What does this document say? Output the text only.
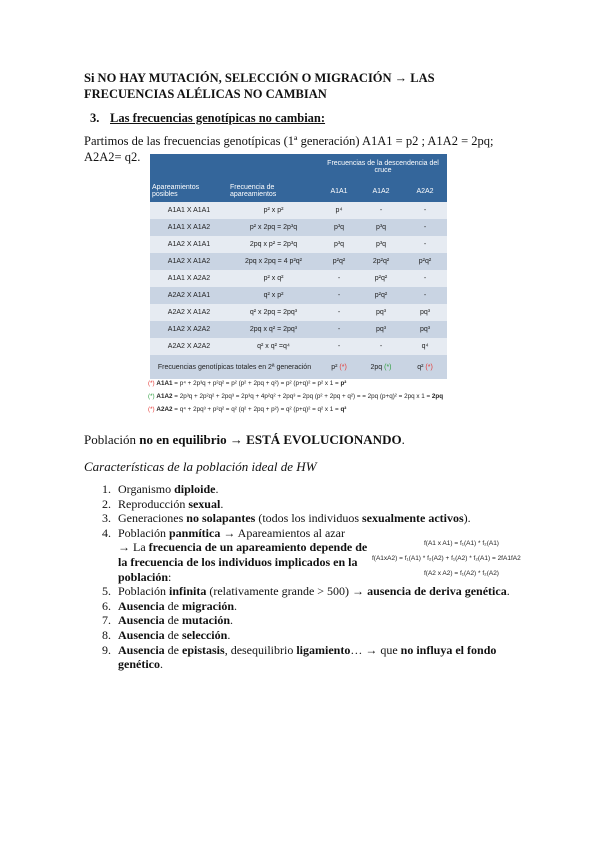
Si NO HAY MUTACIÓN, SELECCIÓN O MIGRACIÓN → LAS FRECUENCIAS ALÉLICAS NO CAMBIAN
3. Las frecuencias genotípicas no cambian:
Partimos de las frecuencias genotípicas (1ª generación) A1A1 = p2 ; A1A2 = 2pq; A2A2= q2.
		Frecuencias de la descendencia del cruce		
Apareamientos posibles	Frecuencia de apareamientos	A1A1	A1A2	A2A2
A1A1 X A1A1	p² x p²	p⁴	-	-
A1A1 X A1A2	p² x 2pq = 2p³q	p³q	p³q	-
A1A2 X A1A1	2pq x p² = 2p³q	p³q	p³q	-
A1A2 X A1A2	2pq x 2pq = 4 p²q²	p²q²	2p²q²	p²q²
A1A1 X A2A2	p² x q²	-	p²q²	-
A2A2 X A1A1	q² x p²	-	p²q²	-
A2A2 X A1A2	q² x 2pq = 2pq³	-	pq³	pq³
A1A2 X A2A2	2pq x q² = 2pq³	-	pq³	pq³
A2A2 X A2A2	q² x q² =q⁴	-	-	q⁴
Frecuencias genotípicas totales en 2ª generación		p² (*)	2pq (*)	q² (*)
(*) A1A1 = p⁴ + 2p³q + p²q² = p² (p² + 2pq + q²) = p² (p+q)² = p² x 1 = p²
(*) A1A2 = 2p³q + 2p²q² + 2pq³ = 2p³q + 4p²q² + 2pq³ = 2pq (p² + 2pq + q²) = = 2pq (p+q)² = 2pq x 1 = 2pq
(*) A2A2 = q⁴ + 2pq³ + p²q² = q² (q² + 2pq + p²) = q² (p+q)² = q² x 1 = q²
Población no en equilibrio → ESTÁ EVOLUCIONANDO.
Características de la población ideal de HW
1. Organismo diploide.
2. Reproducción sexual.
3. Generaciones no solapantes (todos los individuos sexualmente activos).
4. Población panmítica → Apareamientos al azar
→ La frecuencia de un apareamiento depende de la frecuencia de los individuos implicados en la población:
5. Población infinita (relativamente grande > 500) → ausencia de deriva genética.
6. Ausencia de migración.
7. Ausencia de mutación.
8. Ausencia de selección.
9. Ausencia de epistasis, desequilibrio ligamiento… → que no influya el fondo genético.
f(A1 x A1) = f₁(A1) * f₂(A1)
f(A1xA2) = f₁(A1) * f₂(A2) + f₁(A2) * f₂(A1) = 2fA1fA2
f(A2 x A2) = f₁(A2) * f₂(A2)
